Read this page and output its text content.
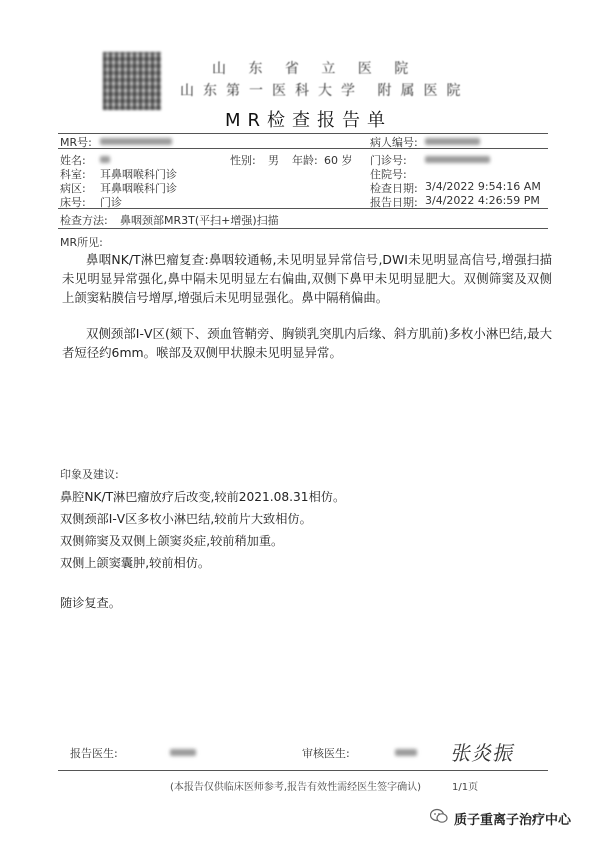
山 东 省 立 医 院
山东第一医科大学 附属医院
MR检查报告单
MR号:	病人编号:
姓名:	性别: 男 年龄: 60 岁 门诊号:
科室: 耳鼻咽喉科门诊	住院号:
病区: 耳鼻咽喉科门诊	检查日期: 3/4/2022 9:54:16 AM
床号: 门诊	报告日期: 3/4/2022 4:26:59 PM
检查方法: 鼻咽颈部MR3T(平扫+增强)扫描
MR所见:
鼻咽NK/T淋巴瘤复查:鼻咽较通畅,未见明显异常信号,DWI未见明显高信号,增强扫描未见明显异常强化,鼻中隔未见明显左右偏曲,双侧下鼻甲未见明显肥大。双侧筛窦及双侧上颌窦粘膜信号增厚,增强后未见明显强化。鼻中隔稍偏曲。
双侧颈部Ⅰ-Ⅴ区(颏下、颈血管鞘旁、胸锁乳突肌内后缘、斜方肌前)多枚小淋巴结,最大者短径约6mm。喉部及双侧甲状腺未见明显异常。
印象及建议:
鼻腔NK/T淋巴瘤放疗后改变,较前2021.08.31相仿。
双侧颈部Ⅰ-Ⅴ区多枚小淋巴结,较前片大致相仿。
双侧筛窦及双侧上颌窦炎症,较前稍加重。
双侧上颌窦囊肿,较前相仿。
随诊复查。
报告医生:	审核医生:	张炎振
(本报告仅供临床医师参考,报告有效性需经医生签字确认)	1/1页
质子重离子治疗中心
